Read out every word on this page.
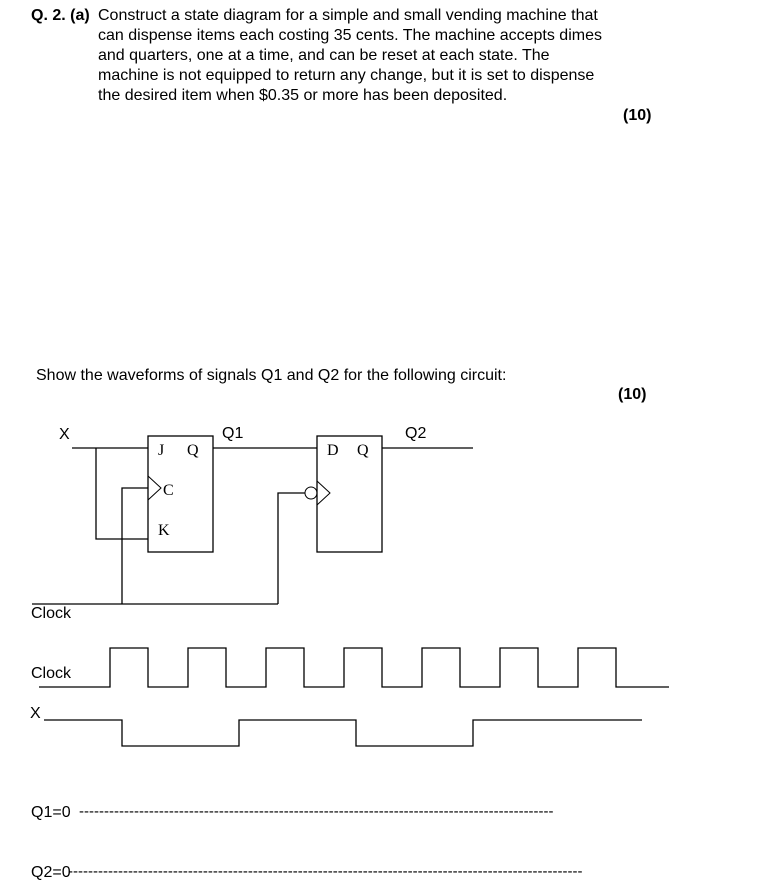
Q. 2. (a) Construct a state diagram for a simple and small vending machine that
can dispense items each costing 35 cents. The machine accepts dimes
and quarters, one at a time, and can be reset at each state. The
machine is not equipped to return any change, but it is set to dispense
the desired item when $0.35 or more has been deposited.
(10)
Show the waveforms of signals Q1 and Q2 for the following circuit:
(10)
X	Q1	Q2
Clock
J Q
C
K
D Q
Clock
X
Q1=0 -----------------------------------------------------------------------------------------------
Q2=0
-------------------------------------------------------------------------------------------------------
